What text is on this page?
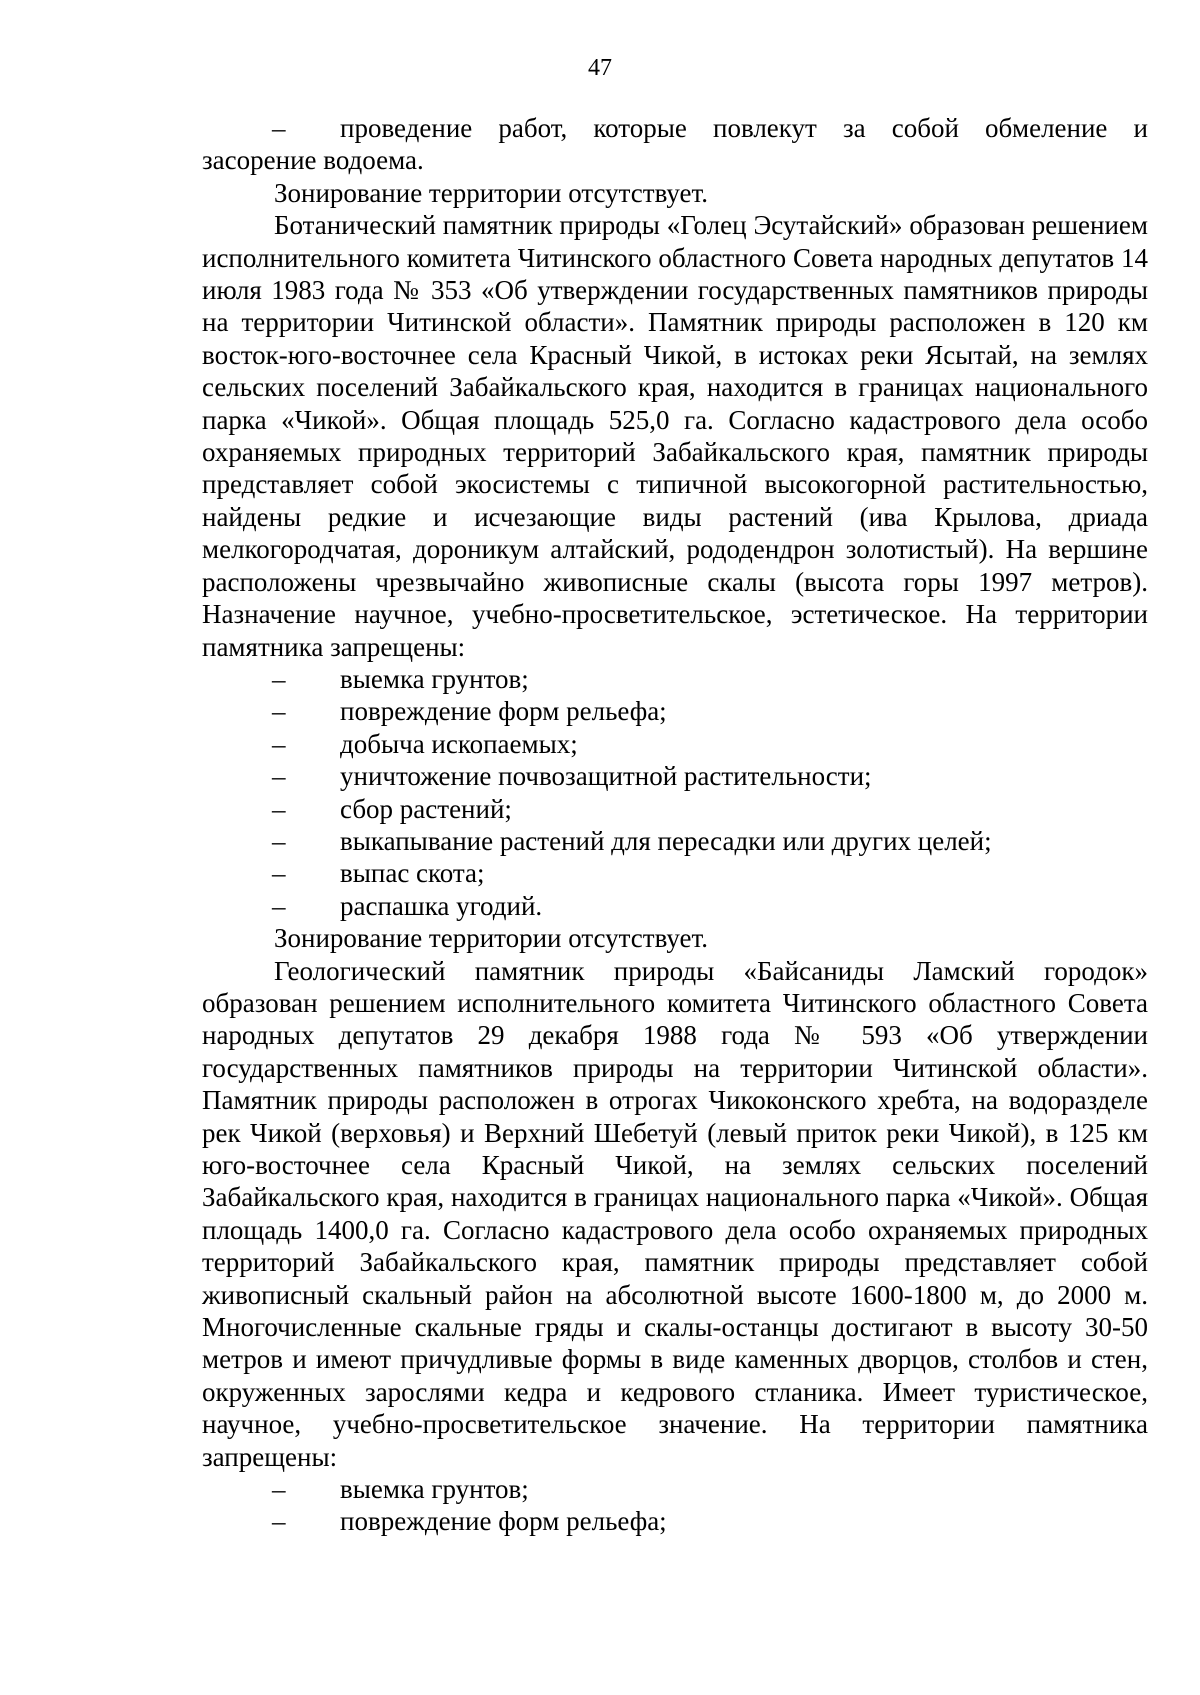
47
–	проведение работ, которые повлекут за собой обмеление и

засорение водоема.

Зонирование территории отсутствует.

Ботанический памятник природы «Голец Эсутайский» образован решением исполнительного комитета Читинского областного Совета народных депутатов 14 июля 1983 года № 353 «Об утверждении государственных памятников природы на территории Читинской области». Памятник природы расположен в 120 км восток-юго-восточнее села Красный Чикой, в истоках реки Ясытай, на землях сельских поселений Забайкальского края, находится в границах национального парка «Чикой». Общая площадь 525,0 га. Согласно кадастрового дела особо охраняемых природных территорий Забайкальского края, памятник природы представляет собой экосистемы с типичной высокогорной растительностью, найдены редкие и исчезающие виды растений (ива Крылова, дриада мелкогородчатая, дороникум алтайский, рододендрон золотистый). На вершине расположены чрезвычайно живописные скалы (высота горы 1997 метров). Назначение научное, учебно-просветительское, эстетическое. На территории памятника запрещены:

–	выемка грунтов;
–	повреждение форм рельефа;
–	добыча ископаемых;
–	уничтожение почвозащитной растительности;
–	сбор растений;
–	выкапывание растений для пересадки или других целей;
–	выпас скота;
–	распашка угодий.

Зонирование территории отсутствует.

Геологический памятник природы «Байсаниды Ламский городок» образован решением исполнительного комитета Читинского областного Совета народных депутатов 29 декабря 1988 года № 593 «Об утверждении государственных памятников природы на территории Читинской области». Памятник природы расположен в отрогах Чикоконского хребта, на водоразделе рек Чикой (верховья) и Верхний Шебетуй (левый приток реки Чикой), в 125 км юго-восточнее села Красный Чикой, на землях сельских поселений Забайкальского края, находится в границах национального парка «Чикой». Общая площадь 1400,0 га. Согласно кадастрового дела особо охраняемых природных территорий Забайкальского края, памятник природы представляет собой живописный скальный район на абсолютной высоте 1600-1800 м, до 2000 м. Многочисленные скальные гряды и скалы-останцы достигают в высоту 30-50 метров и имеют причудливые формы в виде каменных дворцов, столбов и стен, окруженных зарослями кедра и кедрового стланика. Имеет туристическое, научное, учебно-просветительское значение. На территории памятника запрещены:

–	выемка грунтов;
–	повреждение форм рельефа;
